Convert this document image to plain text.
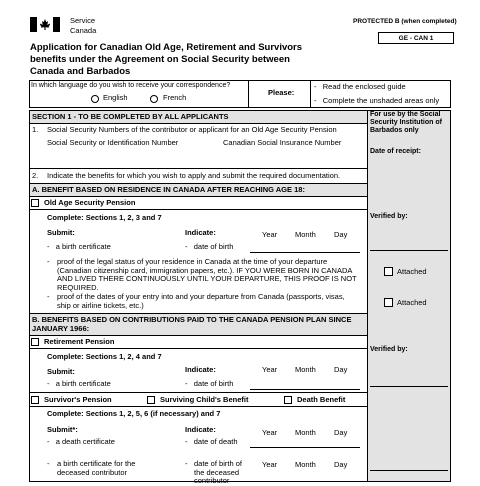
Service
Canada
PROTECTED B (when completed)
GE - CAN 1
Application for Canadian Old Age, Retirement and Survivors benefits under the Agreement on Social Security between Canada and Barbados
In which language do you wish to receive your correspondence?
English	French
Please:
-   Read the enclosed guide
-   Complete the unshaded areas only
SECTION 1 - TO BE COMPLETED BY ALL APPLICANTS
1. Social Security Numbers of the contributor or applicant for an Old Age Security Pension
Social Security or Identification Number	Canadian Social Insurance Number
2. Indicate the benefits for which you wish to apply and submit the required documentation.
For use by the Social Security Institution of Barbados only
Date of receipt:
Verified by:
Attached
Attached
Verified by:
A. BENEFIT BASED ON RESIDENCE IN CANADA AFTER REACHING AGE 18:
Old Age Security Pension
Complete: Sections 1, 2, 3 and 7
Submit:	Indicate:	Year Month Day
-   a birth certificate	-   date of birth
- proof of the legal status of your residence in Canada at the time of your departure (Canadian citizenship card, immigration papers, etc.). IF YOU WERE BORN IN CANADA AND LIVED THERE CONTINUOUSLY UNTIL YOUR DEPARTURE, THIS PROOF IS NOT REQUIRED.
- proof of the dates of your entry into and your departure from Canada (passports, visas, ship or airline tickets, etc.)
B. BENEFITS BASED ON CONTRIBUTIONS PAID TO THE CANADA PENSION PLAN SINCE JANUARY 1966:
Retirement Pension
Complete: Sections 1, 2, 4 and 7
Submit:	Indicate:	Year Month Day
-   a birth certificate	-   date of birth
Survivor's Pension	Surviving Child's Benefit	Death Benefit
Complete: Sections 1, 2, 5, 6 (if necessary) and 7
Submit*:	Indicate:	Year Month Day
-   a death certificate	-   date of death
- a birth certificate for the deceased contributor
- date of birth of the deceased contributor
Year Month Day
